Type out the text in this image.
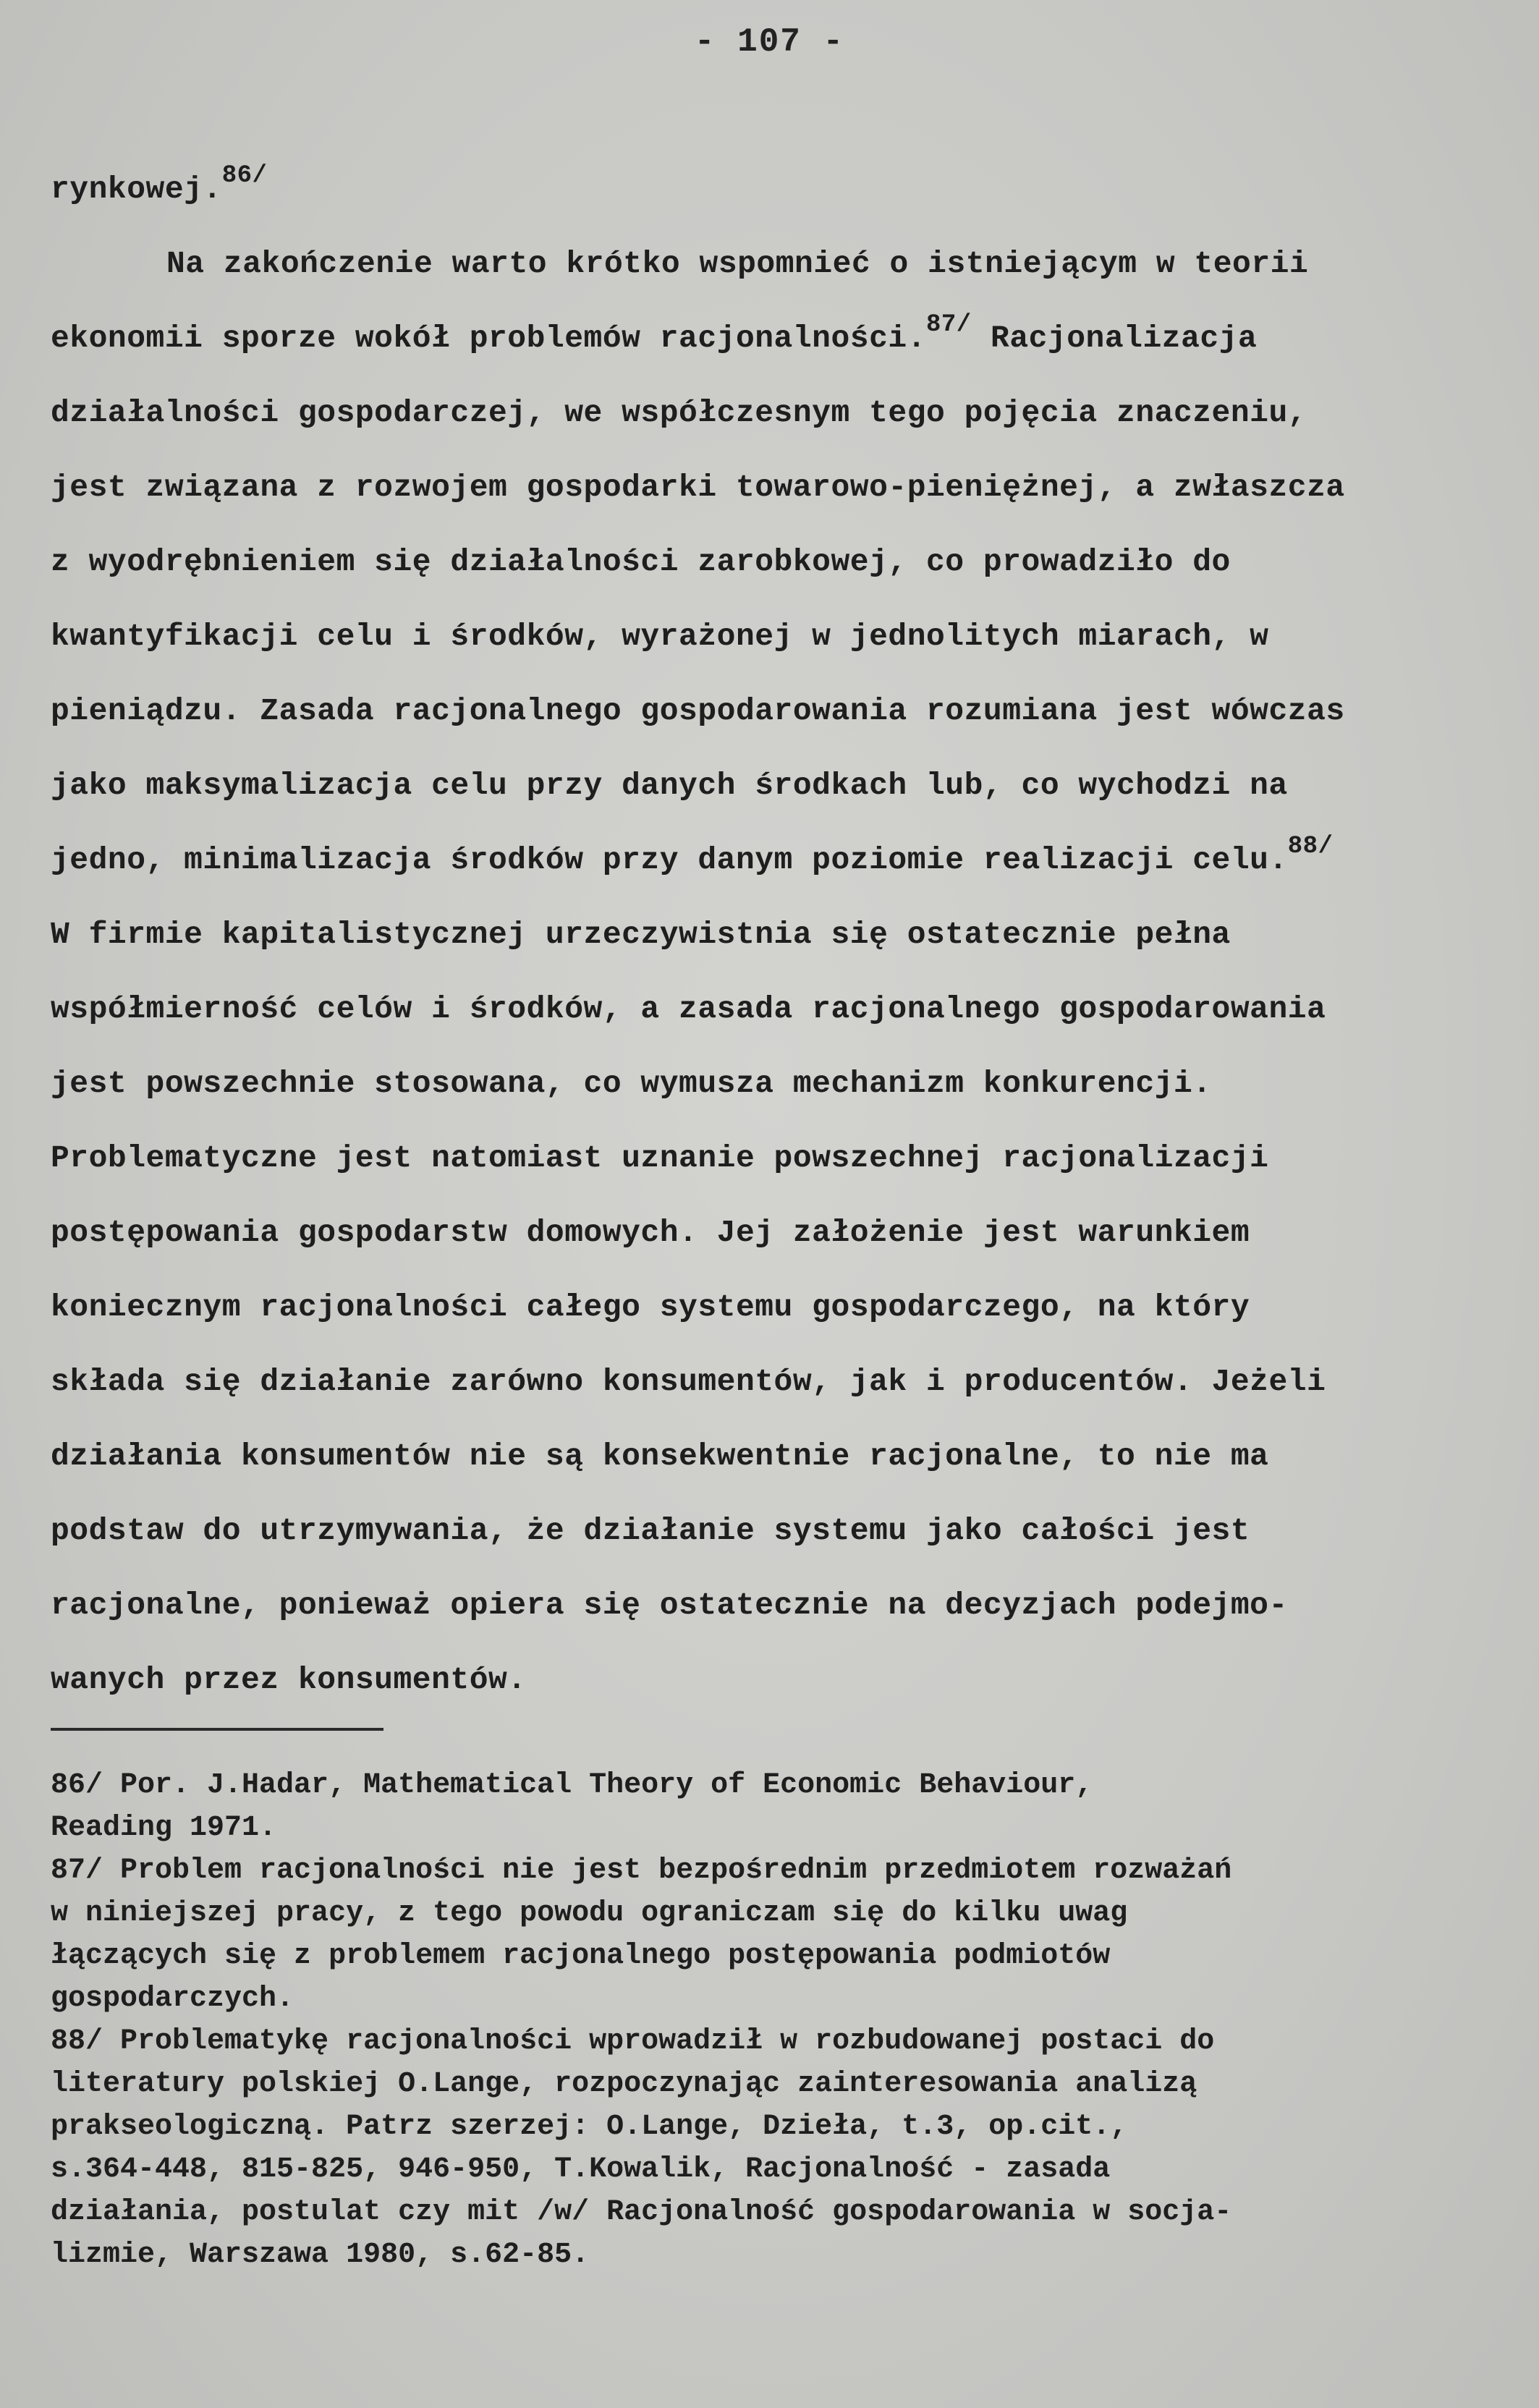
- 107 -
rynkowej.$^{86/}$
Na zakończenie warto krótko wspomnieć o istniejącym w teorii
ekonomii sporze wokół problemów racjonalności.$^{87/}$ Racjonalizacja
działalności gospodarczej, we współczesnym tego pojęcia znaczeniu,
jest związana z rozwojem gospodarki towarowo-pieniężnej, a zwłaszcza
z wyodrębnieniem się działalności zarobkowej, co prowadziło do
kwantyfikacji celu i środków, wyrażonej w jednolitych miarach, w
pieniądzu. Zasada racjonalnego gospodarowania rozumiana jest wówczas
jako maksymalizacja celu przy danych środkach lub, co wychodzi na
jedno, minimalizacja środków przy danym poziomie realizacji celu.$^{88/}$
W firmie kapitalistycznej urzeczywistnia się ostatecznie pełna
współmierność celów i środków, a zasada racjonalnego gospodarowania
jest powszechnie stosowana, co wymusza mechanizm konkurencji.
Problematyczne jest natomiast uznanie powszechnej racjonalizacji
postępowania gospodarstw domowych. Jej założenie jest warunkiem
koniecznym racjonalności całego systemu gospodarczego, na który
składa się działanie zarówno konsumentów, jak i producentów. Jeżeli
działania konsumentów nie są konsekwentnie racjonalne, to nie ma
podstaw do utrzymywania, że działanie systemu jako całości jest
racjonalne, ponieważ opiera się ostatecznie na decyzjach podejmo-
wanych przez konsumentów.
86/ Por. J.Hadar, Mathematical Theory of Economic Behaviour,
Reading 1971.
87/ Problem racjonalności nie jest bezpośrednim przedmiotem rozważań
w niniejszej pracy, z tego powodu ograniczam się do kilku uwag
łączących się z problemem racjonalnego postępowania podmiotów
gospodarczych.
88/ Problematykę racjonalności wprowadził w rozbudowanej postaci do
literatury polskiej O.Lange, rozpoczynając zainteresowania analizą
prakseologiczną. Patrz szerzej: O.Lange, Dzieła, t.3, op.cit.,
s.364-448, 815-825, 946-950, T.Kowalik, Racjonalność - zasada
działania, postulat czy mit /w/ Racjonalność gospodarowania w socja-
lizmie, Warszawa 1980, s.62-85.
